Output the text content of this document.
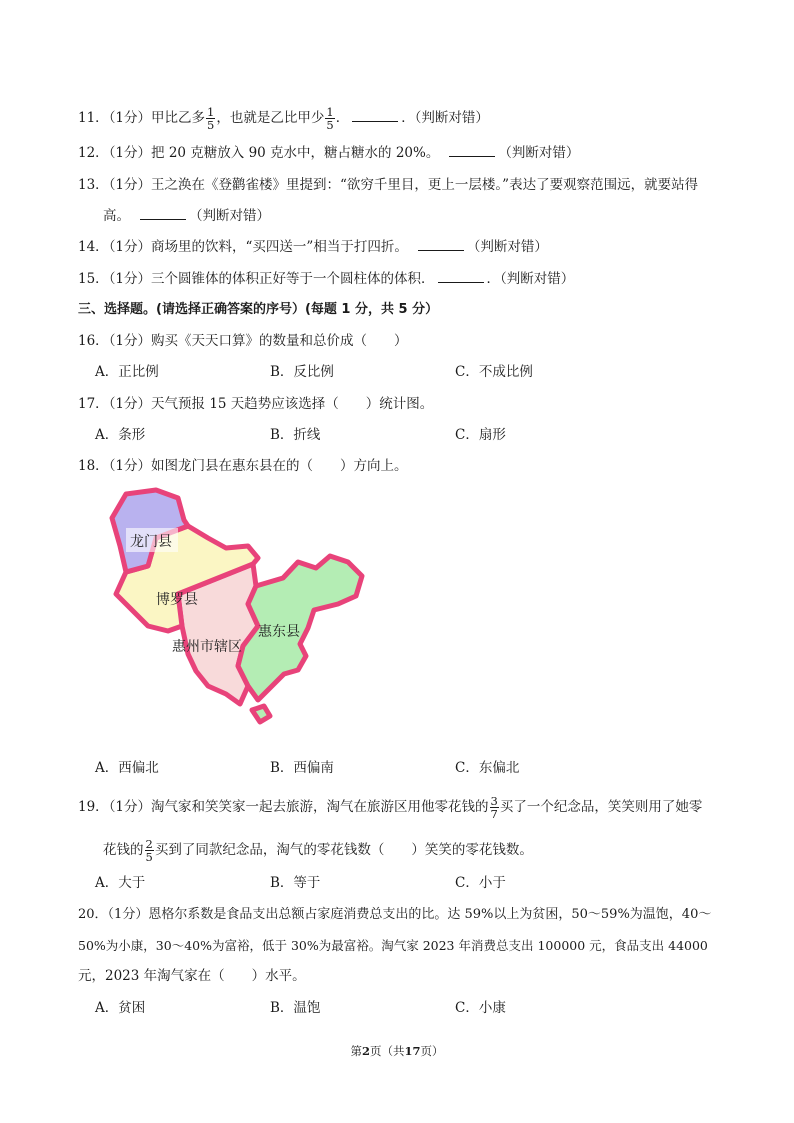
11．（1分）甲比乙多 $\frac{1}{5}$ ，也就是乙比甲少 $\frac{1}{5}$ ．	．（判断对错）
12．（1分）把 20 克糖放入 90 克水中，糖占糖水的 20%。	（判断对错）
13．（1分）王之涣在《登鹳雀楼》里提到：“欲穷千里目，更上一层楼。”表达了要观察范围远，就要站得
高。	（判断对错）
14．（1分）商场里的饮料，“买四送一”相当于打四折。	（判断对错）
15．（1分）三个圆锥体的体积正好等于一个圆柱体的体积．	．（判断对错）
三、选择题。(请选择正确答案的序号）(每题 1 分，共 5 分）
16．（1分）购买《天天口算》的数量和总价成（　　）
A．正比例	B．反比例	C．不成比例
17．（1分）天气预报 15 天趋势应该选择（　　）统计图。
A．条形	B．折线	C．扇形
18．（1分）如图龙门县在惠东县在的（　　）方向上。
龙门县
博罗县
惠州市辖区
惠东县
A．西偏北	B．西偏南	C．东偏北
19．（1分）淘气家和笑笑家一起去旅游，淘气在旅游区用他零花钱的 $\frac{3}{7}$ 买了一个纪念品，笑笑则用了她零
花钱的 $\frac{2}{5}$ 买到了同款纪念品，淘气的零花钱数（　　）笑笑的零花钱数。
A．大于	B．等于	C．小于
20．（1分）恩格尔系数是食品支出总额占家庭消费总支出的比。达 59%以上为贫困，50～59%为温饱，40～
50%为小康，30～40%为富裕，低于 30%为最富裕。淘气家 2023 年消费总支出 100000 元，食品支出 44000
元，2023 年淘气家在（　　）水平。
A．贫困	B．温饱	C．小康
第2页（共17页）
